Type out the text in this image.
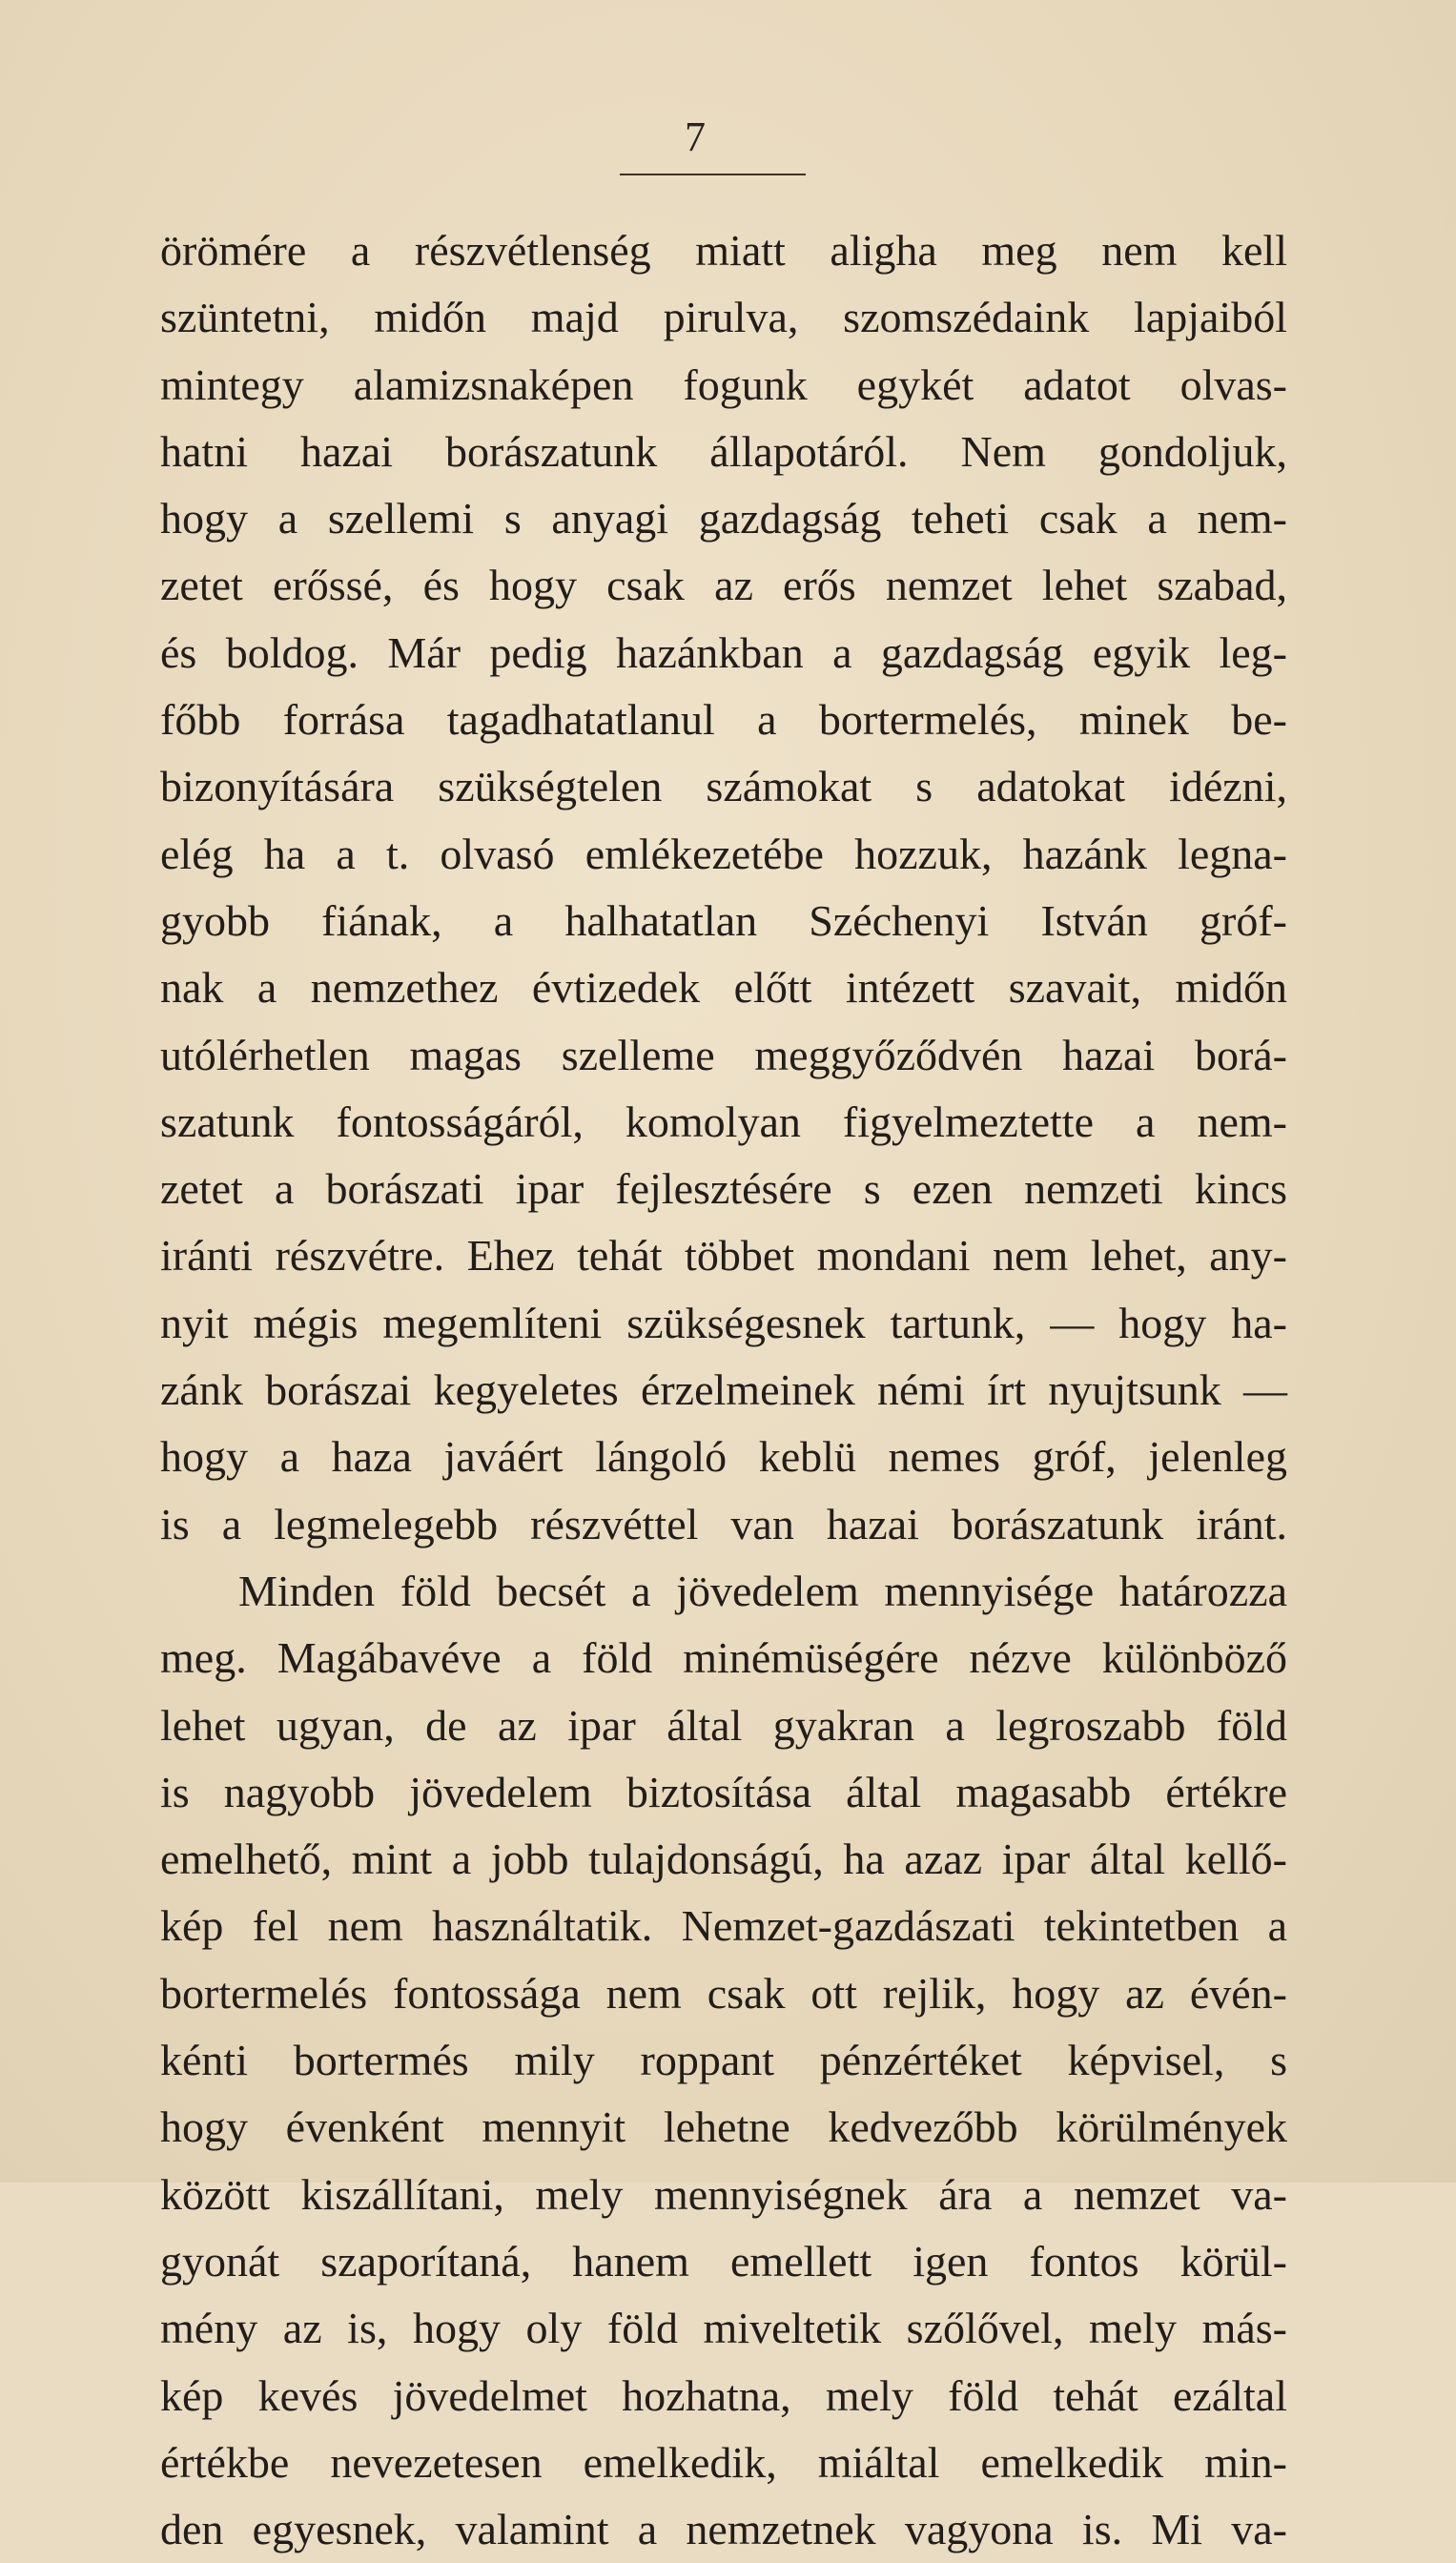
7
örömére a részvétlenség miatt aligha meg nem kell
szüntetni, midőn majd pirulva, szomszédaink lapjaiból
mintegy alamizsnaképen fogunk egykét adatot olvas-
hatni hazai borászatunk állapotáról. Nem gondoljuk,
hogy a szellemi s anyagi gazdagság teheti csak a nem-
zetet erőssé, és hogy csak az erős nemzet lehet szabad,
és boldog. Már pedig hazánkban a gazdagság egyik leg-
főbb forrása tagadhatatlanul a bortermelés, minek be-
bizonyítására szükségtelen számokat s adatokat idézni,
elég ha a t. olvasó emlékezetébe hozzuk, hazánk legna-
gyobb fiának, a halhatatlan Széchenyi István gróf-
nak a nemzethez évtizedek előtt intézett szavait, midőn
utólérhetlen magas szelleme meggyőződvén hazai borá-
szatunk fontosságáról, komolyan figyelmeztette a nem-
zetet a borászati ipar fejlesztésére s ezen nemzeti kincs
iránti részvétre. Ehez tehát többet mondani nem lehet, any-
nyit mégis megemlíteni szükségesnek tartunk, — hogy ha-
zánk borászai kegyeletes érzelmeinek némi írt nyujtsunk —
hogy a haza javáért lángoló keblü nemes gróf, jelenleg
is a legmelegebb részvéttel van hazai borászatunk iránt.
Minden föld becsét a jövedelem mennyisége határozza
meg. Magábavéve a föld minémüségére nézve különböző
lehet ugyan, de az ipar által gyakran a legroszabb föld
is nagyobb jövedelem biztosítása által magasabb értékre
emelhető, mint a jobb tulajdonságú, ha azaz ipar által kellő-
kép fel nem használtatik. Nemzet-gazdászati tekintetben a
bortermelés fontossága nem csak ott rejlik, hogy az évén-
kénti bortermés mily roppant pénzértéket képvisel, s
hogy évenként mennyit lehetne kedvezőbb körülmények
között kiszállítani, mely mennyiségnek ára a nemzet va-
gyonát szaporítaná, hanem emellett igen fontos körül-
mény az is, hogy oly föld miveltetik szőlővel, mely más-
kép kevés jövedelmet hozhatna, mely föld tehát ezáltal
értékbe nevezetesen emelkedik, miáltal emelkedik min-
den egyesnek, valamint a nemzetnek vagyona is. Mi va-
